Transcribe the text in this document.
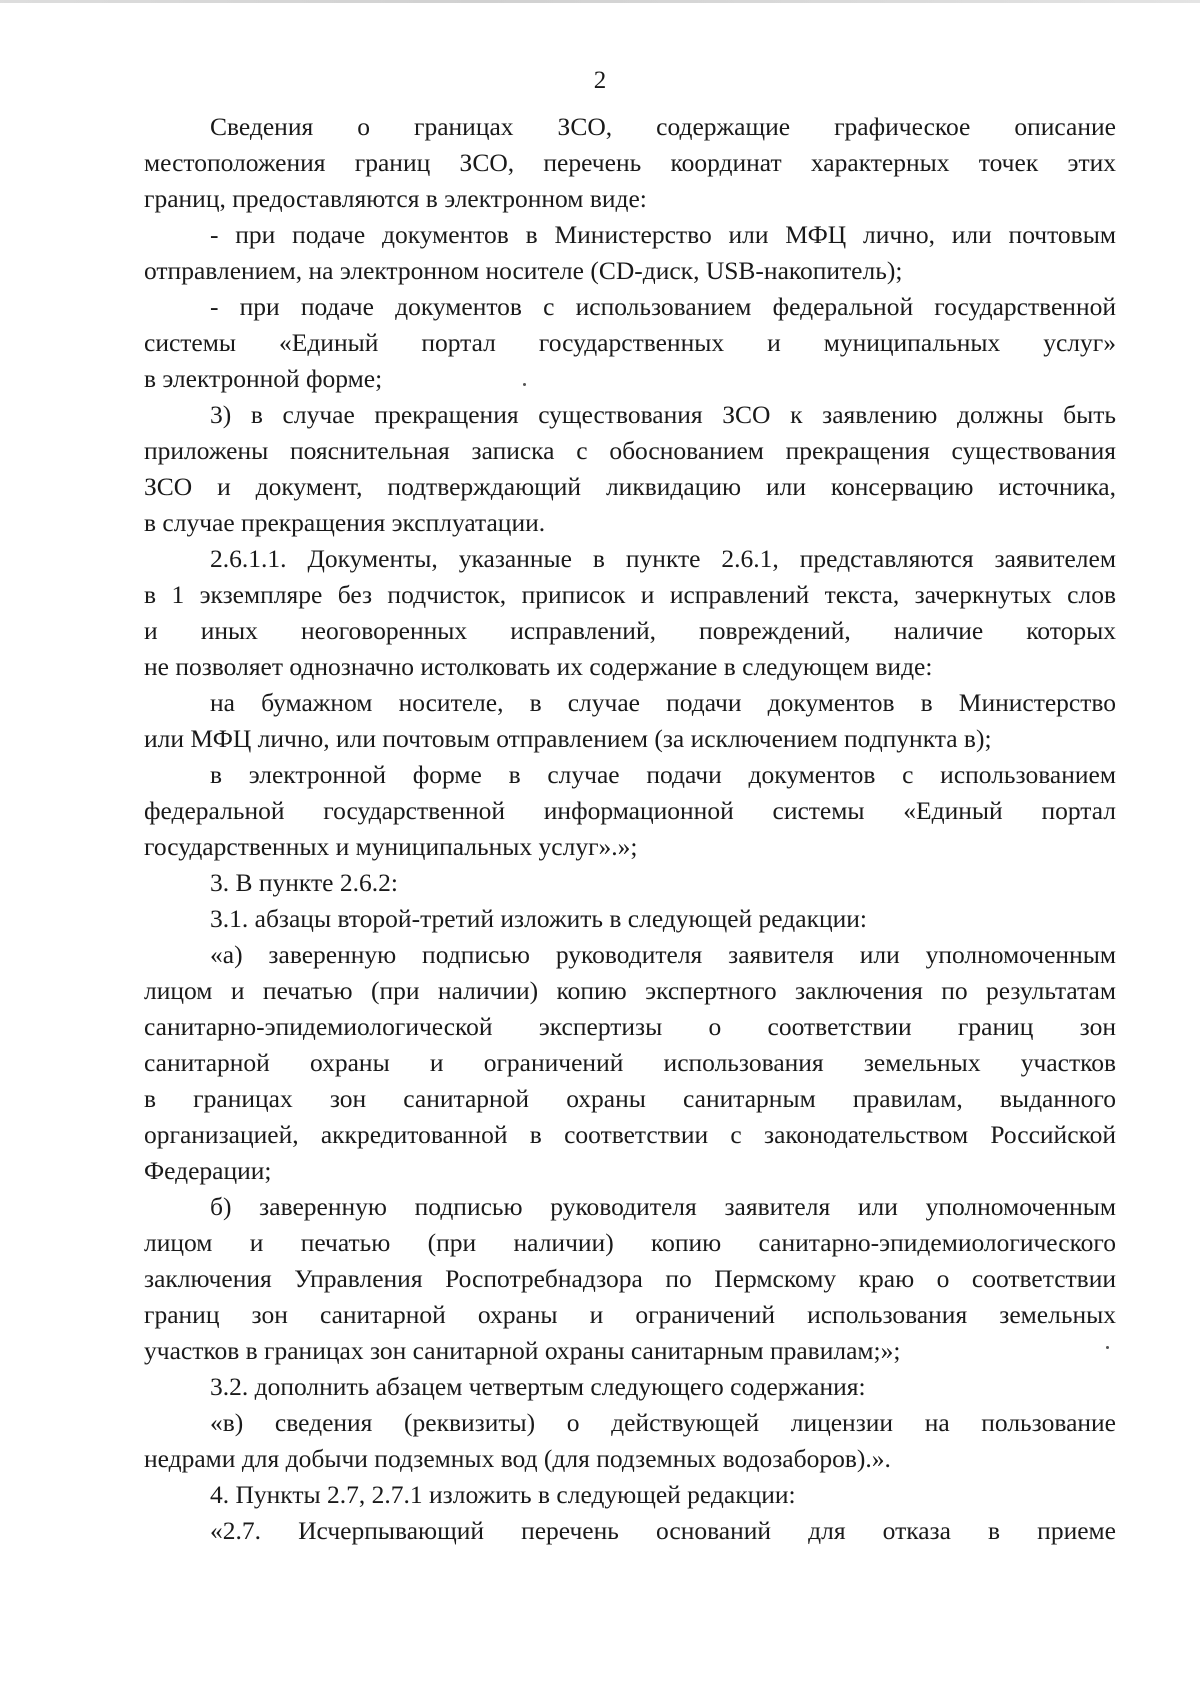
2
Сведения о границах ЗСО, содержащие графическое описание
местоположения границ ЗСО, перечень координат характерных точек этих
границ, предоставляются в электронном виде:
- при подаче документов в Министерство или МФЦ лично, или почтовым
отправлением, на электронном носителе (CD-диск, USB-накопитель);
- при подаче документов с использованием федеральной государственной
системы «Единый портал государственных и муниципальных услуг»
в электронной форме;
3) в случае прекращения существования ЗСО к заявлению должны быть
приложены пояснительная записка с обоснованием прекращения существования
ЗСО и документ, подтверждающий ликвидацию или консервацию источника,
в случае прекращения эксплуатации.
2.6.1.1. Документы, указанные в пункте 2.6.1, представляются заявителем
в 1 экземпляре без подчисток, приписок и исправлений текста, зачеркнутых слов
и иных неоговоренных исправлений, повреждений, наличие которых
не позволяет однозначно истолковать их содержание в следующем виде:
на бумажном носителе, в случае подачи документов в Министерство
или МФЦ лично, или почтовым отправлением (за исключением подпункта в);
в электронной форме в случае подачи документов с использованием
федеральной государственной информационной системы «Единый портал
государственных и муниципальных услуг».»;
3. В пункте 2.6.2:
3.1. абзацы второй-третий изложить в следующей редакции:
«а) заверенную подписью руководителя заявителя или уполномоченным
лицом и печатью (при наличии) копию экспертного заключения по результатам
санитарно-эпидемиологической экспертизы о соответствии границ зон
санитарной охраны и ограничений использования земельных участков
в границах зон санитарной охраны санитарным правилам, выданного
организацией, аккредитованной в соответствии с законодательством Российской
Федерации;
б) заверенную подписью руководителя заявителя или уполномоченным
лицом и печатью (при наличии) копию санитарно-эпидемиологического
заключения Управления Роспотребнадзора по Пермскому краю о соответствии
границ зон санитарной охраны и ограничений использования земельных
участков в границах зон санитарной охраны санитарным правилам;»;
3.2. дополнить абзацем четвертым следующего содержания:
«в) сведения (реквизиты) о действующей лицензии на пользование
недрами для добычи подземных вод (для подземных водозаборов).».
4. Пункты 2.7, 2.7.1 изложить в следующей редакции:
«2.7. Исчерпывающий перечень оснований для отказа в приеме
